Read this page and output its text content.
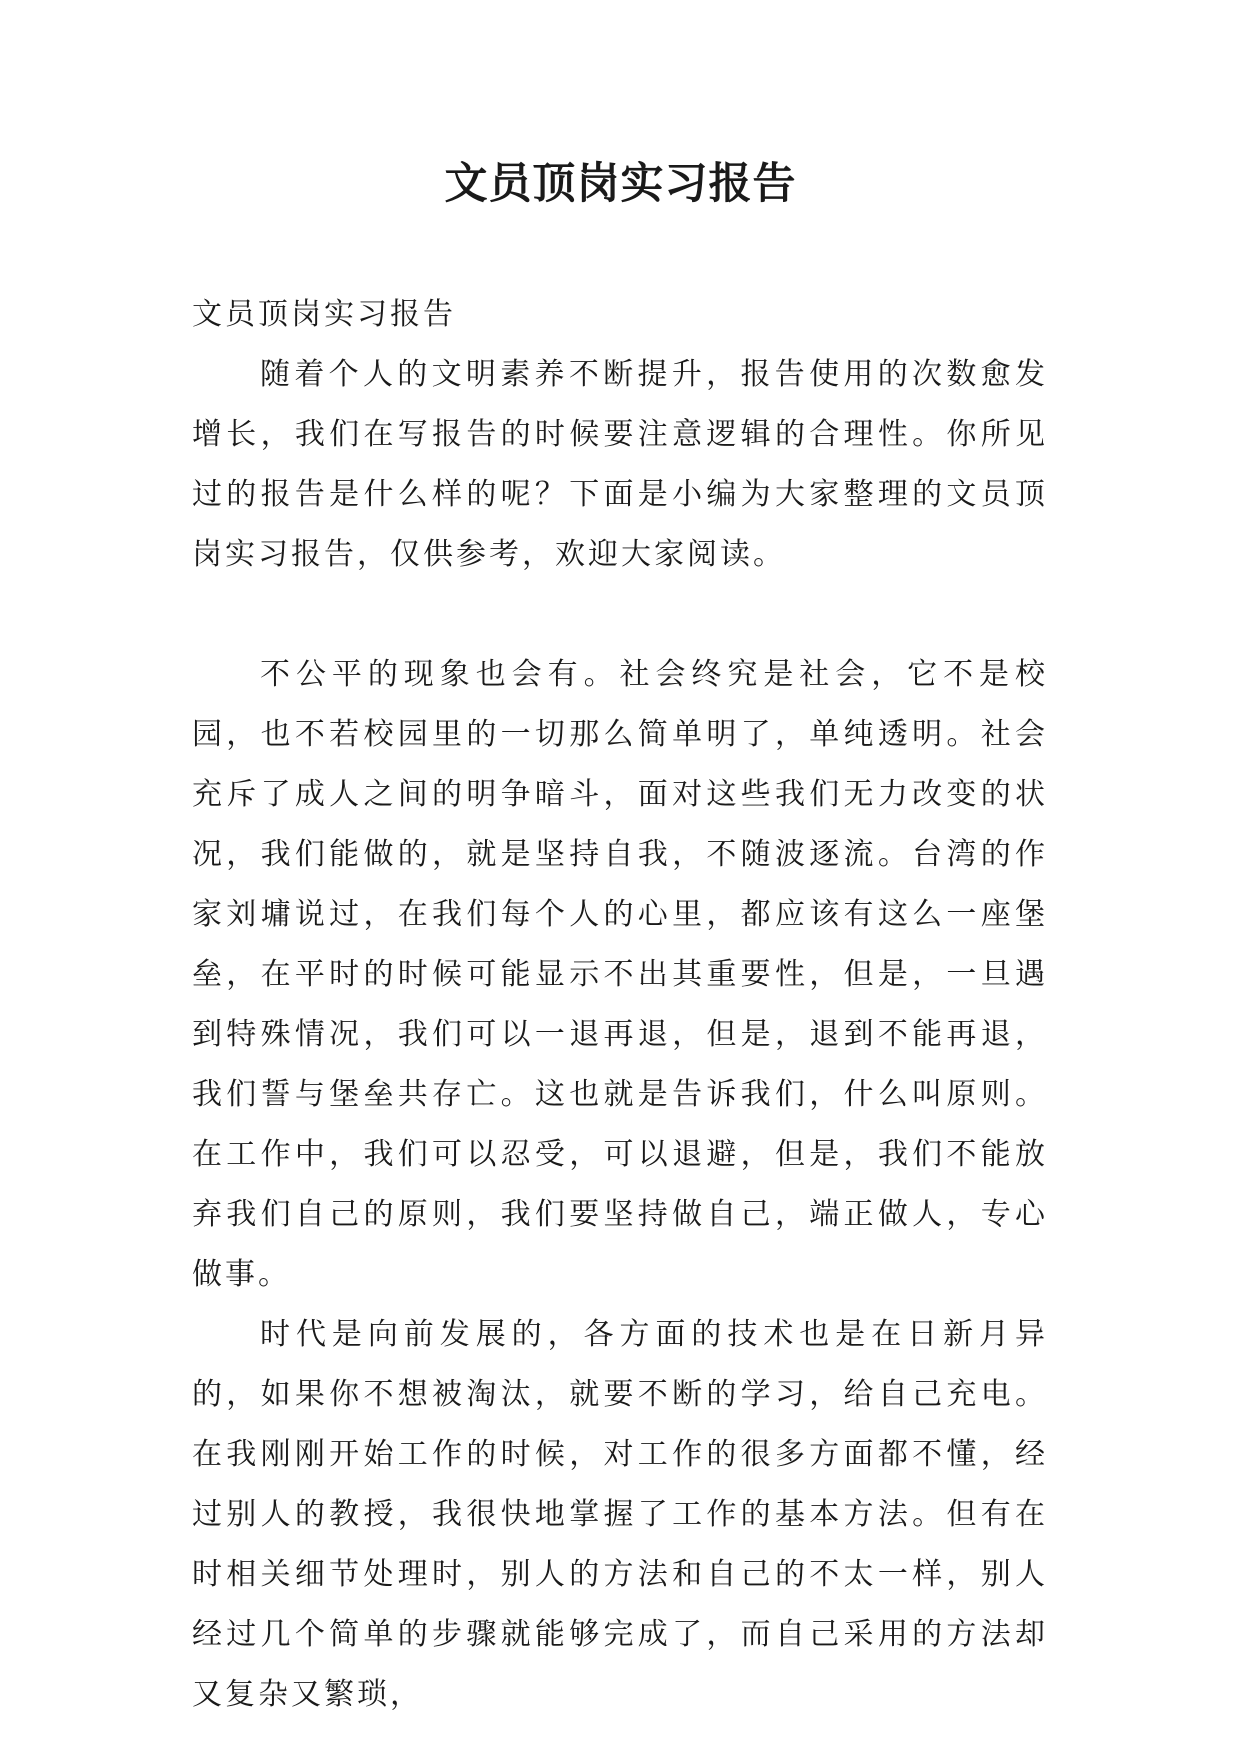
文员顶岗实习报告

文员顶岗实习报告

随着个人的文明素养不断提升，报告使用的次数愈发增长，我们在写报告的时候要注意逻辑的合理性。你所见过的报告是什么样的呢？下面是小编为大家整理的文员顶岗实习报告，仅供参考，欢迎大家阅读。

不公平的现象也会有。社会终究是社会，它不是校园，也不若校园里的一切那么简单明了，单纯透明。社会充斥了成人之间的明争暗斗，面对这些我们无力改变的状况，我们能做的，就是坚持自我，不随波逐流。台湾的作家刘墉说过，在我们每个人的心里，都应该有这么一座堡垒，在平时的时候可能显示不出其重要性，但是，一旦遇到特殊情况，我们可以一退再退，但是，退到不能再退，我们誓与堡垒共存亡。这也就是告诉我们，什么叫原则。在工作中，我们可以忍受，可以退避，但是，我们不能放弃我们自己的原则，我们要坚持做自己，端正做人，专心做事。

时代是向前发展的，各方面的技术也是在日新月异的，如果你不想被淘汰，就要不断的学习，给自己充电。在我刚刚开始工作的时候，对工作的很多方面都不懂，经过别人的教授，我很快地掌握了工作的基本方法。但有在时相关细节处理时，别人的方法和自己的不太一样，别人经过几个简单的步骤就能够完成了，而自己采用的方法却又复杂又繁琐，
